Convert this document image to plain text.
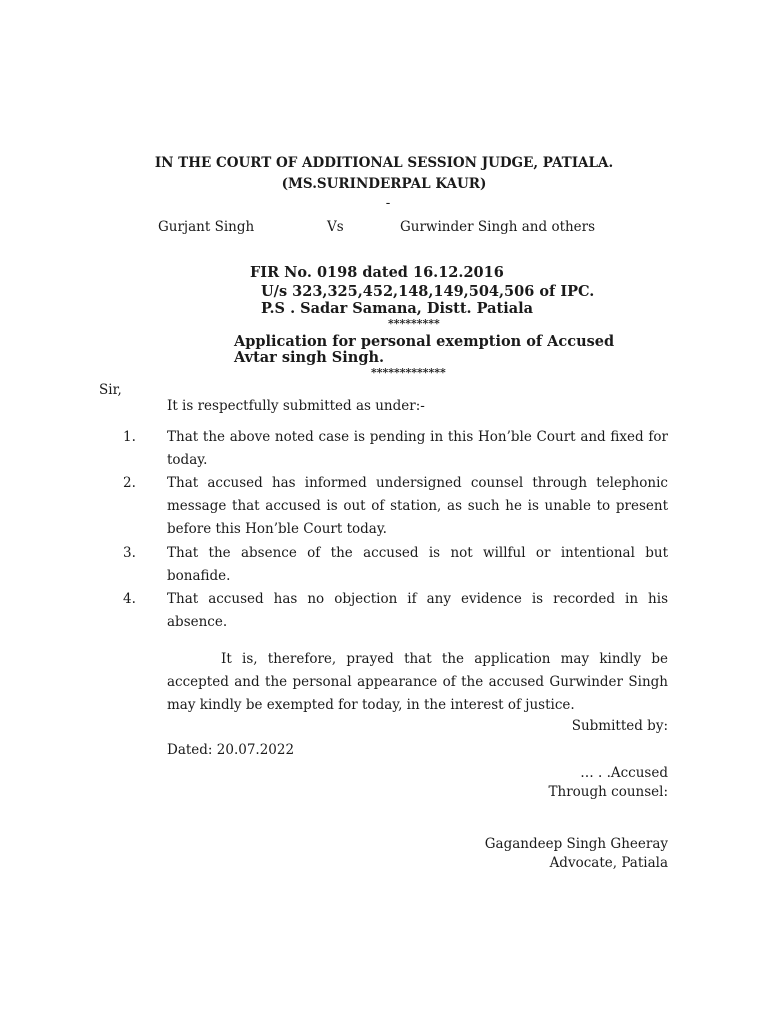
IN THE COURT OF ADDITIONAL SESSION JUDGE, PATIALA.
(MS.SURINDERPAL KAUR)
-
Gurjant Singh	Vs	Gurwinder Singh and others
FIR No. 0198 dated 16.12.2016
U/s 323,325,452,148,149,504,506 of IPC.
P.S . Sadar Samana, Distt. Patiala
*********
Application for personal exemption of Accused
Avtar singh Singh.
*************
Sir,
It is respectfully submitted as under:-
1. That the above noted case is pending in this Hon’ble Court and fixed for today.
2. That accused has informed undersigned counsel through telephonic message that accused is out of station, as such he is unable to present before this Hon’ble Court today.
3. That the absence of the accused is not willful or intentional but bonafide.
4. That accused has no objection if any evidence is recorded in his absence.
It is, therefore, prayed that the application may kindly be accepted and the personal appearance of the accused Gurwinder Singh may kindly be exempted for today, in the interest of justice.
Submitted by:
Dated: 20.07.2022
… . .Accused
Through counsel:
Gagandeep Singh Gheeray
Advocate, Patiala
